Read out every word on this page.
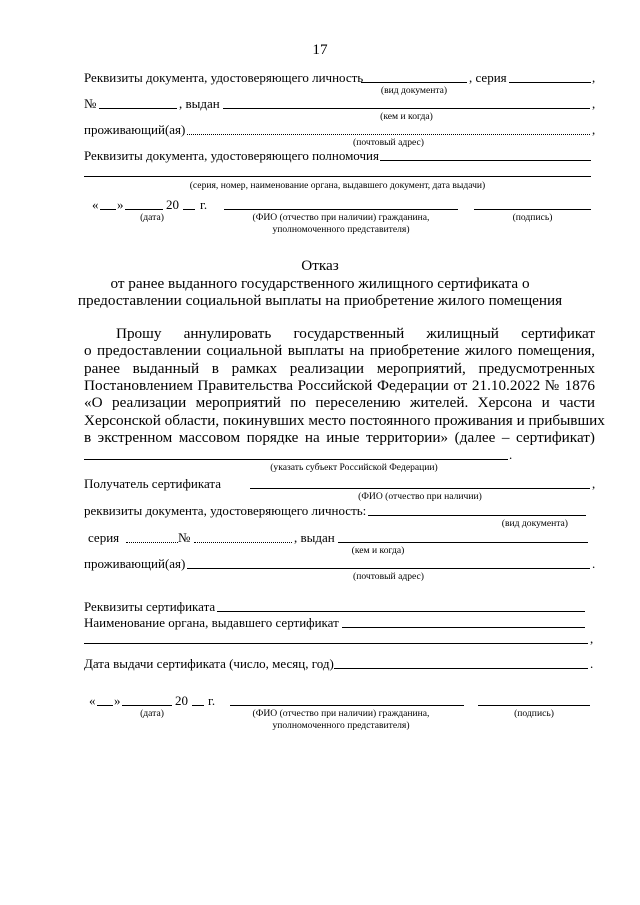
17
Реквизиты документа, удостоверяющего личность	, серия	,
(вид документа)
№	, выдан	,
(кем и когда)
проживающий(ая)	,
(почтовый адрес)
Реквизиты документа, удостоверяющего полномочия
(серия, номер, наименование органа, выдавшего документ, дата выдачи)
« »	20 г.
(дата)	(ФИО (отчество при наличии) гражданина,
уполномоченного представителя)
(подпись)
Отказ
от ранее выданного государственного жилищного сертификата о
предоставлении социальной выплаты на приобретение жилого помещения
Прошу аннулировать государственный жилищный сертификат
о предоставлении социальной выплаты на приобретение жилого помещения,
ранее выданный в рамках реализации мероприятий, предусмотренных
Постановлением Правительства Российской Федерации от 21.10.2022 № 1876
«О реализации мероприятий по переселению жителей. Херсона и части
Херсонской области, покинувших место постоянного проживания и прибывших
в экстренном массовом порядке на иные территории» (далее – сертификат)
.
(указать субъект Российской Федерации)
Получатель сертификата	,
(ФИО (отчество при наличии)
реквизиты документа, удостоверяющего личность:
(вид документа)
серия	№	, выдан
(кем и когда)
проживающий(ая)	.
(почтовый адрес)
Реквизиты сертификата
Наименование органа, выдавшего сертификат
,
Дата выдачи сертификата (число, месяц, год)	.
« »	20 г.
(дата)	(ФИО (отчество при наличии) гражданина,
уполномоченного представителя)
(подпись)
